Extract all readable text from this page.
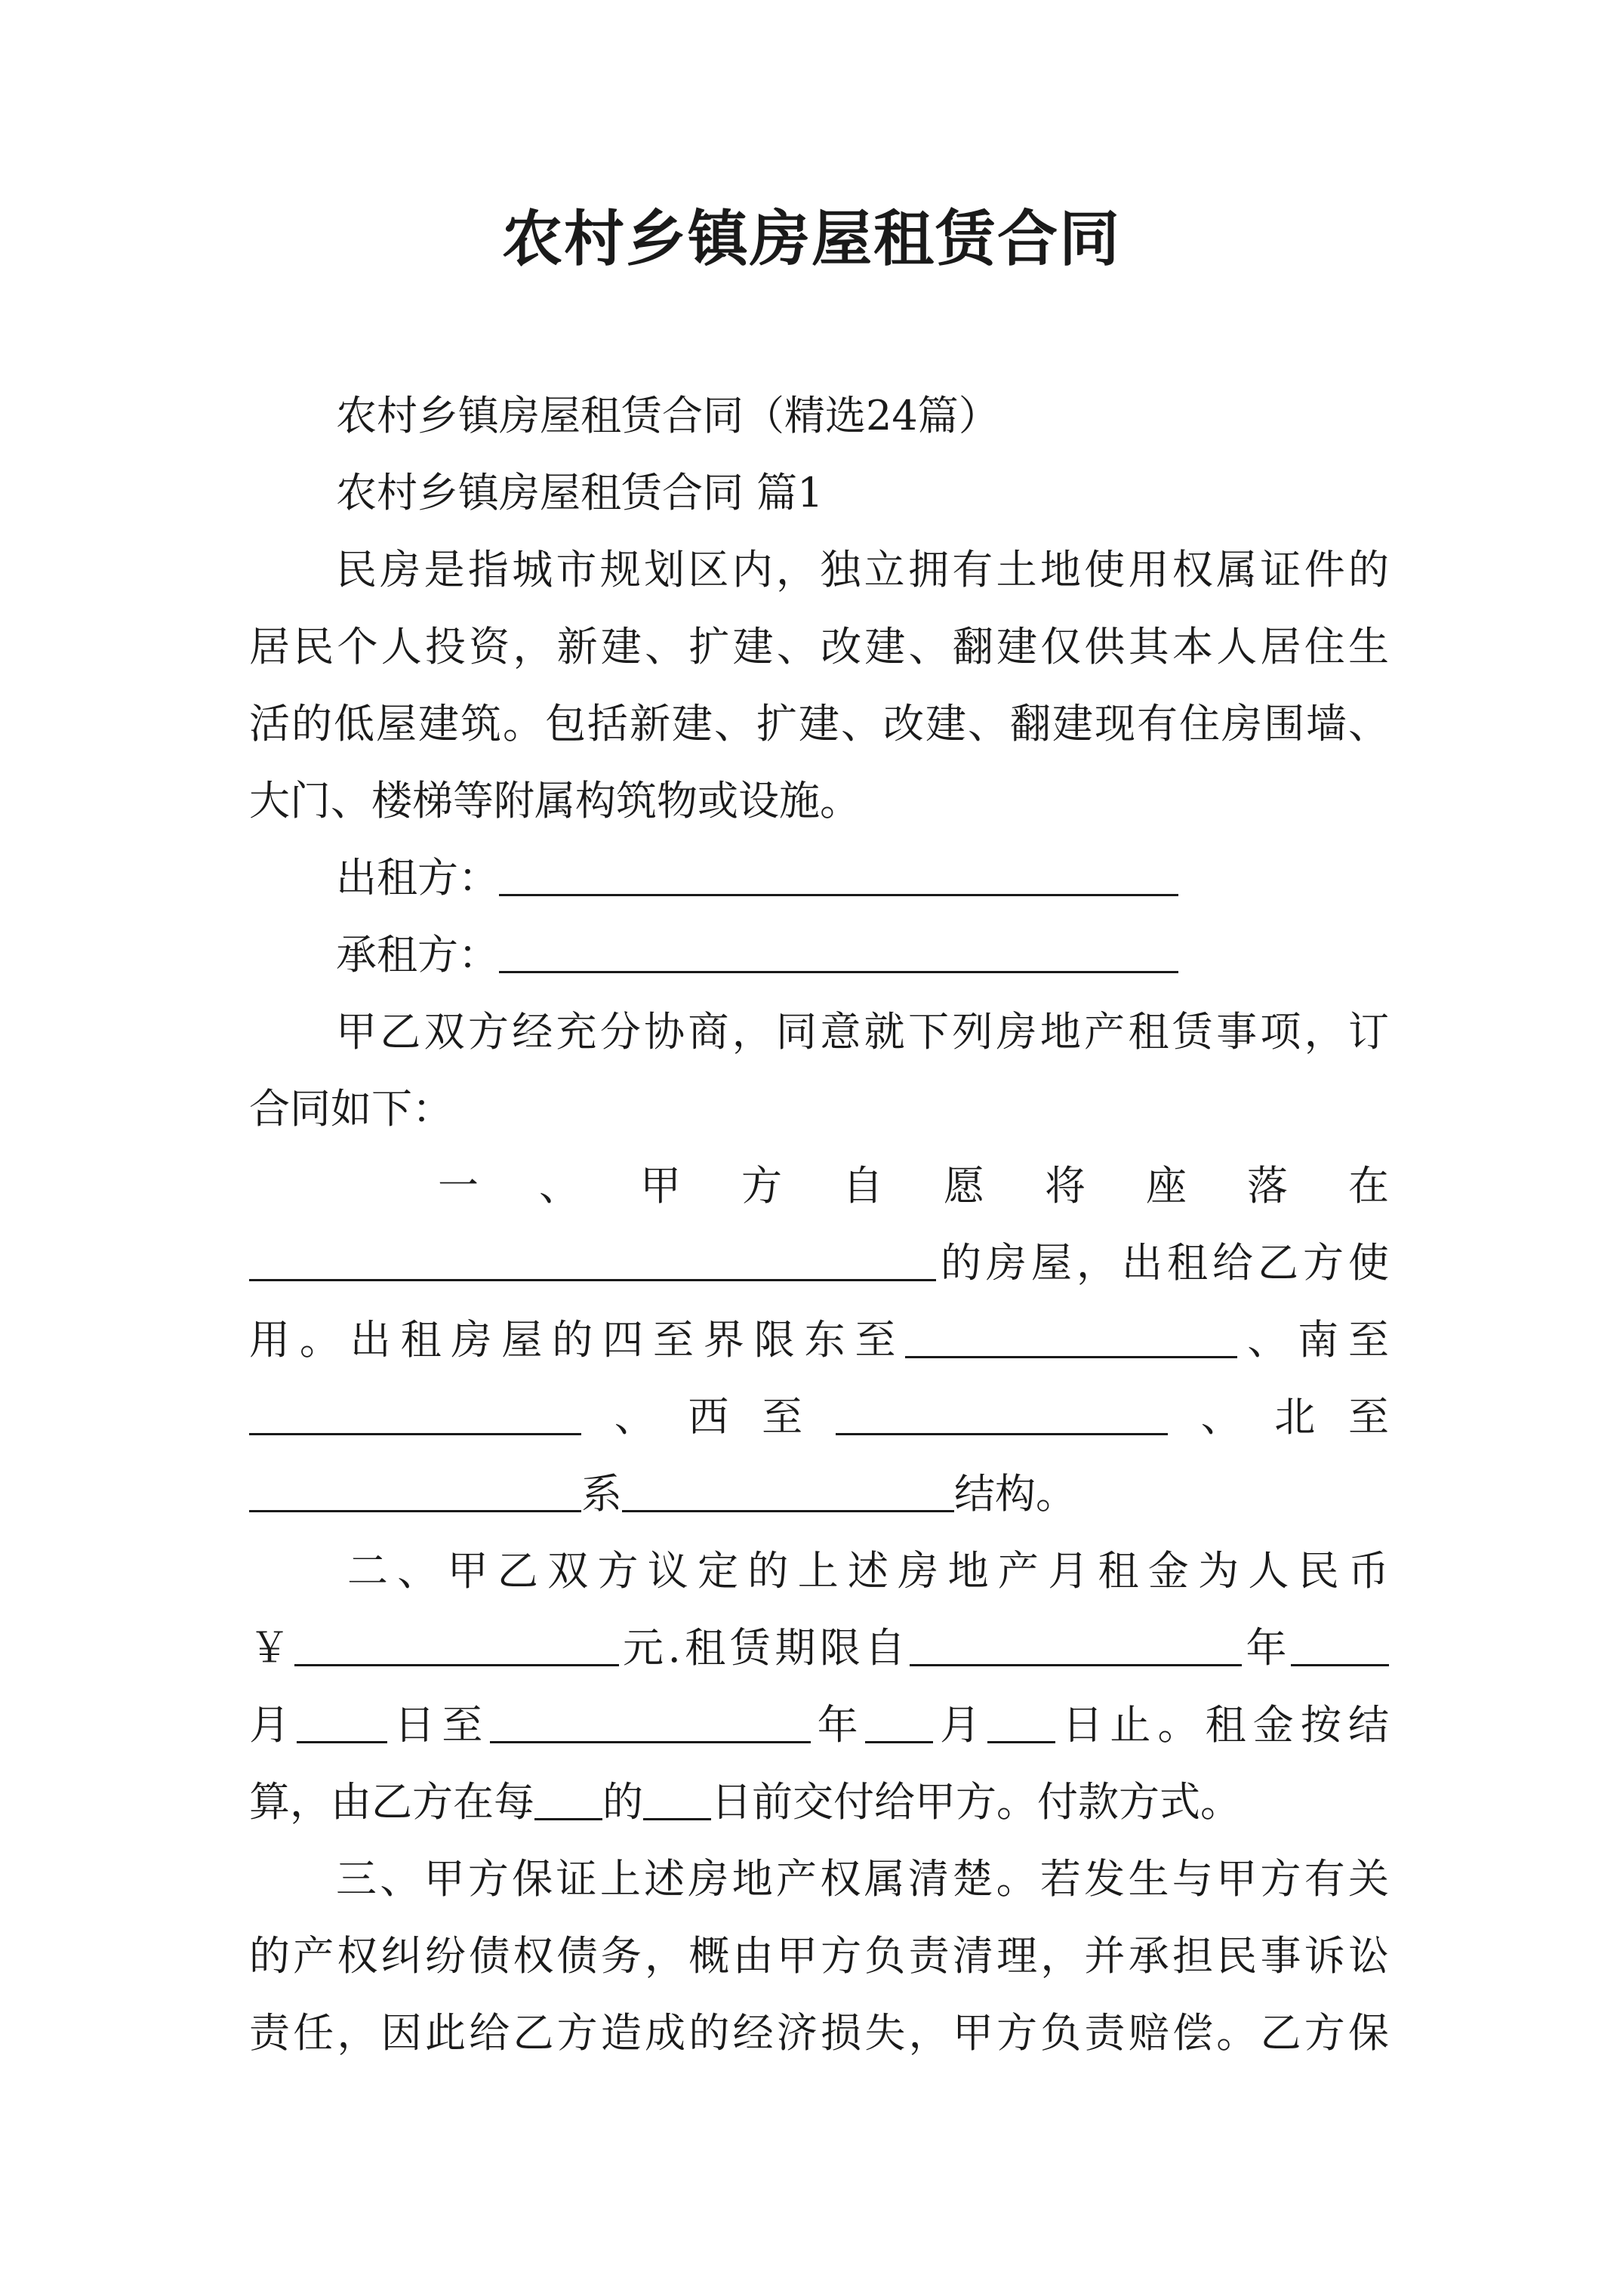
农村乡镇房屋租赁合同
农村乡镇房屋租赁合同（精选24篇）
农村乡镇房屋租赁合同 篇1
民房是指城市规划区内，独立拥有土地使用权属证件的
居民个人投资，新建、扩建、改建、翻建仅供其本人居住生
活的低屋建筑。包括新建、扩建、改建、翻建现有住房围墙、
大门、楼梯等附属构筑物或设施。
出租方：
承租方：
甲乙双方经充分协商，同意就下列房地产租赁事项，订
合同如下：
一、甲方自愿将座落在
的房屋，出租给乙方使
用。出租房屋的四至界限东至	、南至
、西至	、北至
系	结构。
二、甲乙双方议定的上述房地产月租金为人民币
￥	元.租赁期限自	年
月 日至	年 月 日止。租金按结
算，由乙方在每 的 日前交付给甲方。付款方式。
三、甲方保证上述房地产权属清楚。若发生与甲方有关
的产权纠纷债权债务，概由甲方负责清理，并承担民事诉讼
责任，因此给乙方造成的经济损失，甲方负责赔偿。乙方保
